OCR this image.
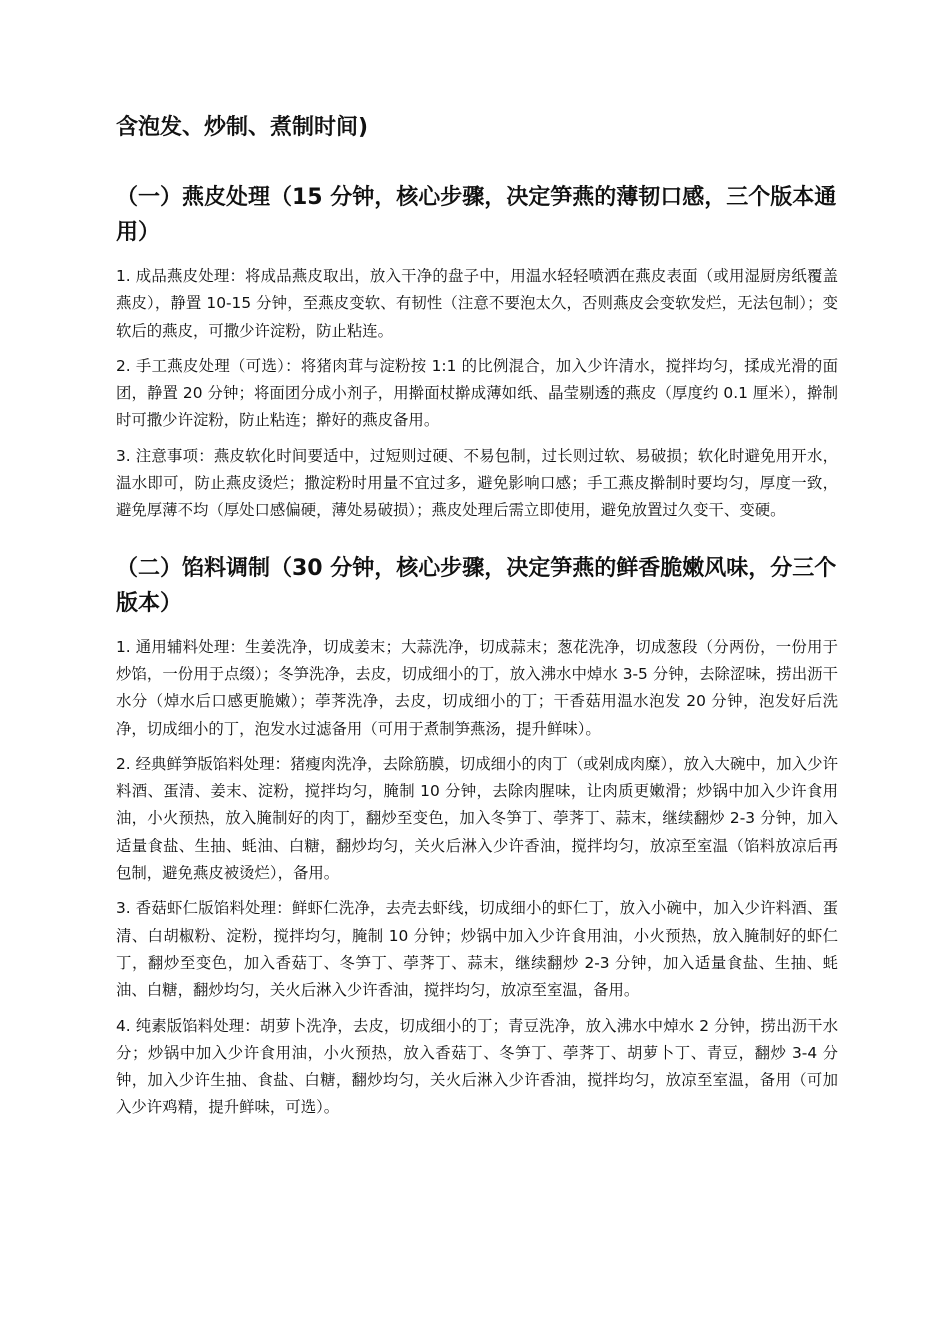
含泡发、炒制、煮制时间)
（一）燕皮处理（15 分钟，核心步骤，决定笋燕的薄韧口感，三个版本通用）

1. 成品燕皮处理：将成品燕皮取出，放入干净的盘子中，用温水轻轻喷洒在燕皮表面（或用湿厨房纸覆盖燕皮），静置 10-15 分钟，至燕皮变软、有韧性（注意不要泡太久，否则燕皮会变软发烂，无法包制）；变软后的燕皮，可撒少许淀粉，防止粘连。

2. 手工燕皮处理（可选）：将猪肉茸与淀粉按 1:1 的比例混合，加入少许清水，搅拌均匀，揉成光滑的面团，静置 20 分钟；将面团分成小剂子，用擀面杖擀成薄如纸、晶莹剔透的燕皮（厚度约 0.1 厘米），擀制时可撒少许淀粉，防止粘连；擀好的燕皮备用。

3. 注意事项：燕皮软化时间要适中，过短则过硬、不易包制，过长则过软、易破损；软化时避免用开水，温水即可，防止燕皮烫烂；撒淀粉时用量不宜过多，避免影响口感；手工燕皮擀制时要均匀，厚度一致，避免厚薄不均（厚处口感偏硬，薄处易破损）；燕皮处理后需立即使用，避免放置过久变干、变硬。

（二）馅料调制（30 分钟，核心步骤，决定笋燕的鲜香脆嫩风味，分三个版本）

1. 通用辅料处理：生姜洗净，切成姜末；大蒜洗净，切成蒜末；葱花洗净，切成葱段（分两份，一份用于炒馅，一份用于点缀）；冬笋洗净，去皮，切成细小的丁，放入沸水中焯水 3-5 分钟，去除涩味，捞出沥干水分（焯水后口感更脆嫩）；荸荠洗净，去皮，切成细小的丁；干香菇用温水泡发 20 分钟，泡发好后洗净，切成细小的丁，泡发水过滤备用（可用于煮制笋燕汤，提升鲜味）。

2. 经典鲜笋版馅料处理：猪瘦肉洗净，去除筋膜，切成细小的肉丁（或剁成肉糜），放入大碗中，加入少许料酒、蛋清、姜末、淀粉，搅拌均匀，腌制 10 分钟，去除肉腥味，让肉质更嫩滑；炒锅中加入少许食用油，小火预热，放入腌制好的肉丁，翻炒至变色，加入冬笋丁、荸荠丁、蒜末，继续翻炒 2-3 分钟，加入适量食盐、生抽、蚝油、白糖，翻炒均匀，关火后淋入少许香油，搅拌均匀，放凉至室温（馅料放凉后再包制，避免燕皮被烫烂），备用。

3. 香菇虾仁版馅料处理：鲜虾仁洗净，去壳去虾线，切成细小的虾仁丁，放入小碗中，加入少许料酒、蛋清、白胡椒粉、淀粉，搅拌均匀，腌制 10 分钟；炒锅中加入少许食用油，小火预热，放入腌制好的虾仁丁，翻炒至变色，加入香菇丁、冬笋丁、荸荠丁、蒜末，继续翻炒 2-3 分钟，加入适量食盐、生抽、蚝油、白糖，翻炒均匀，关火后淋入少许香油，搅拌均匀，放凉至室温，备用。

4. 纯素版馅料处理：胡萝卜洗净，去皮，切成细小的丁；青豆洗净，放入沸水中焯水 2 分钟，捞出沥干水分；炒锅中加入少许食用油，小火预热，放入香菇丁、冬笋丁、荸荠丁、胡萝卜丁、青豆，翻炒 3-4 分钟，加入少许生抽、食盐、白糖，翻炒均匀，关火后淋入少许香油，搅拌均匀，放凉至室温，备用（可加入少许鸡精，提升鲜味，可选）。
